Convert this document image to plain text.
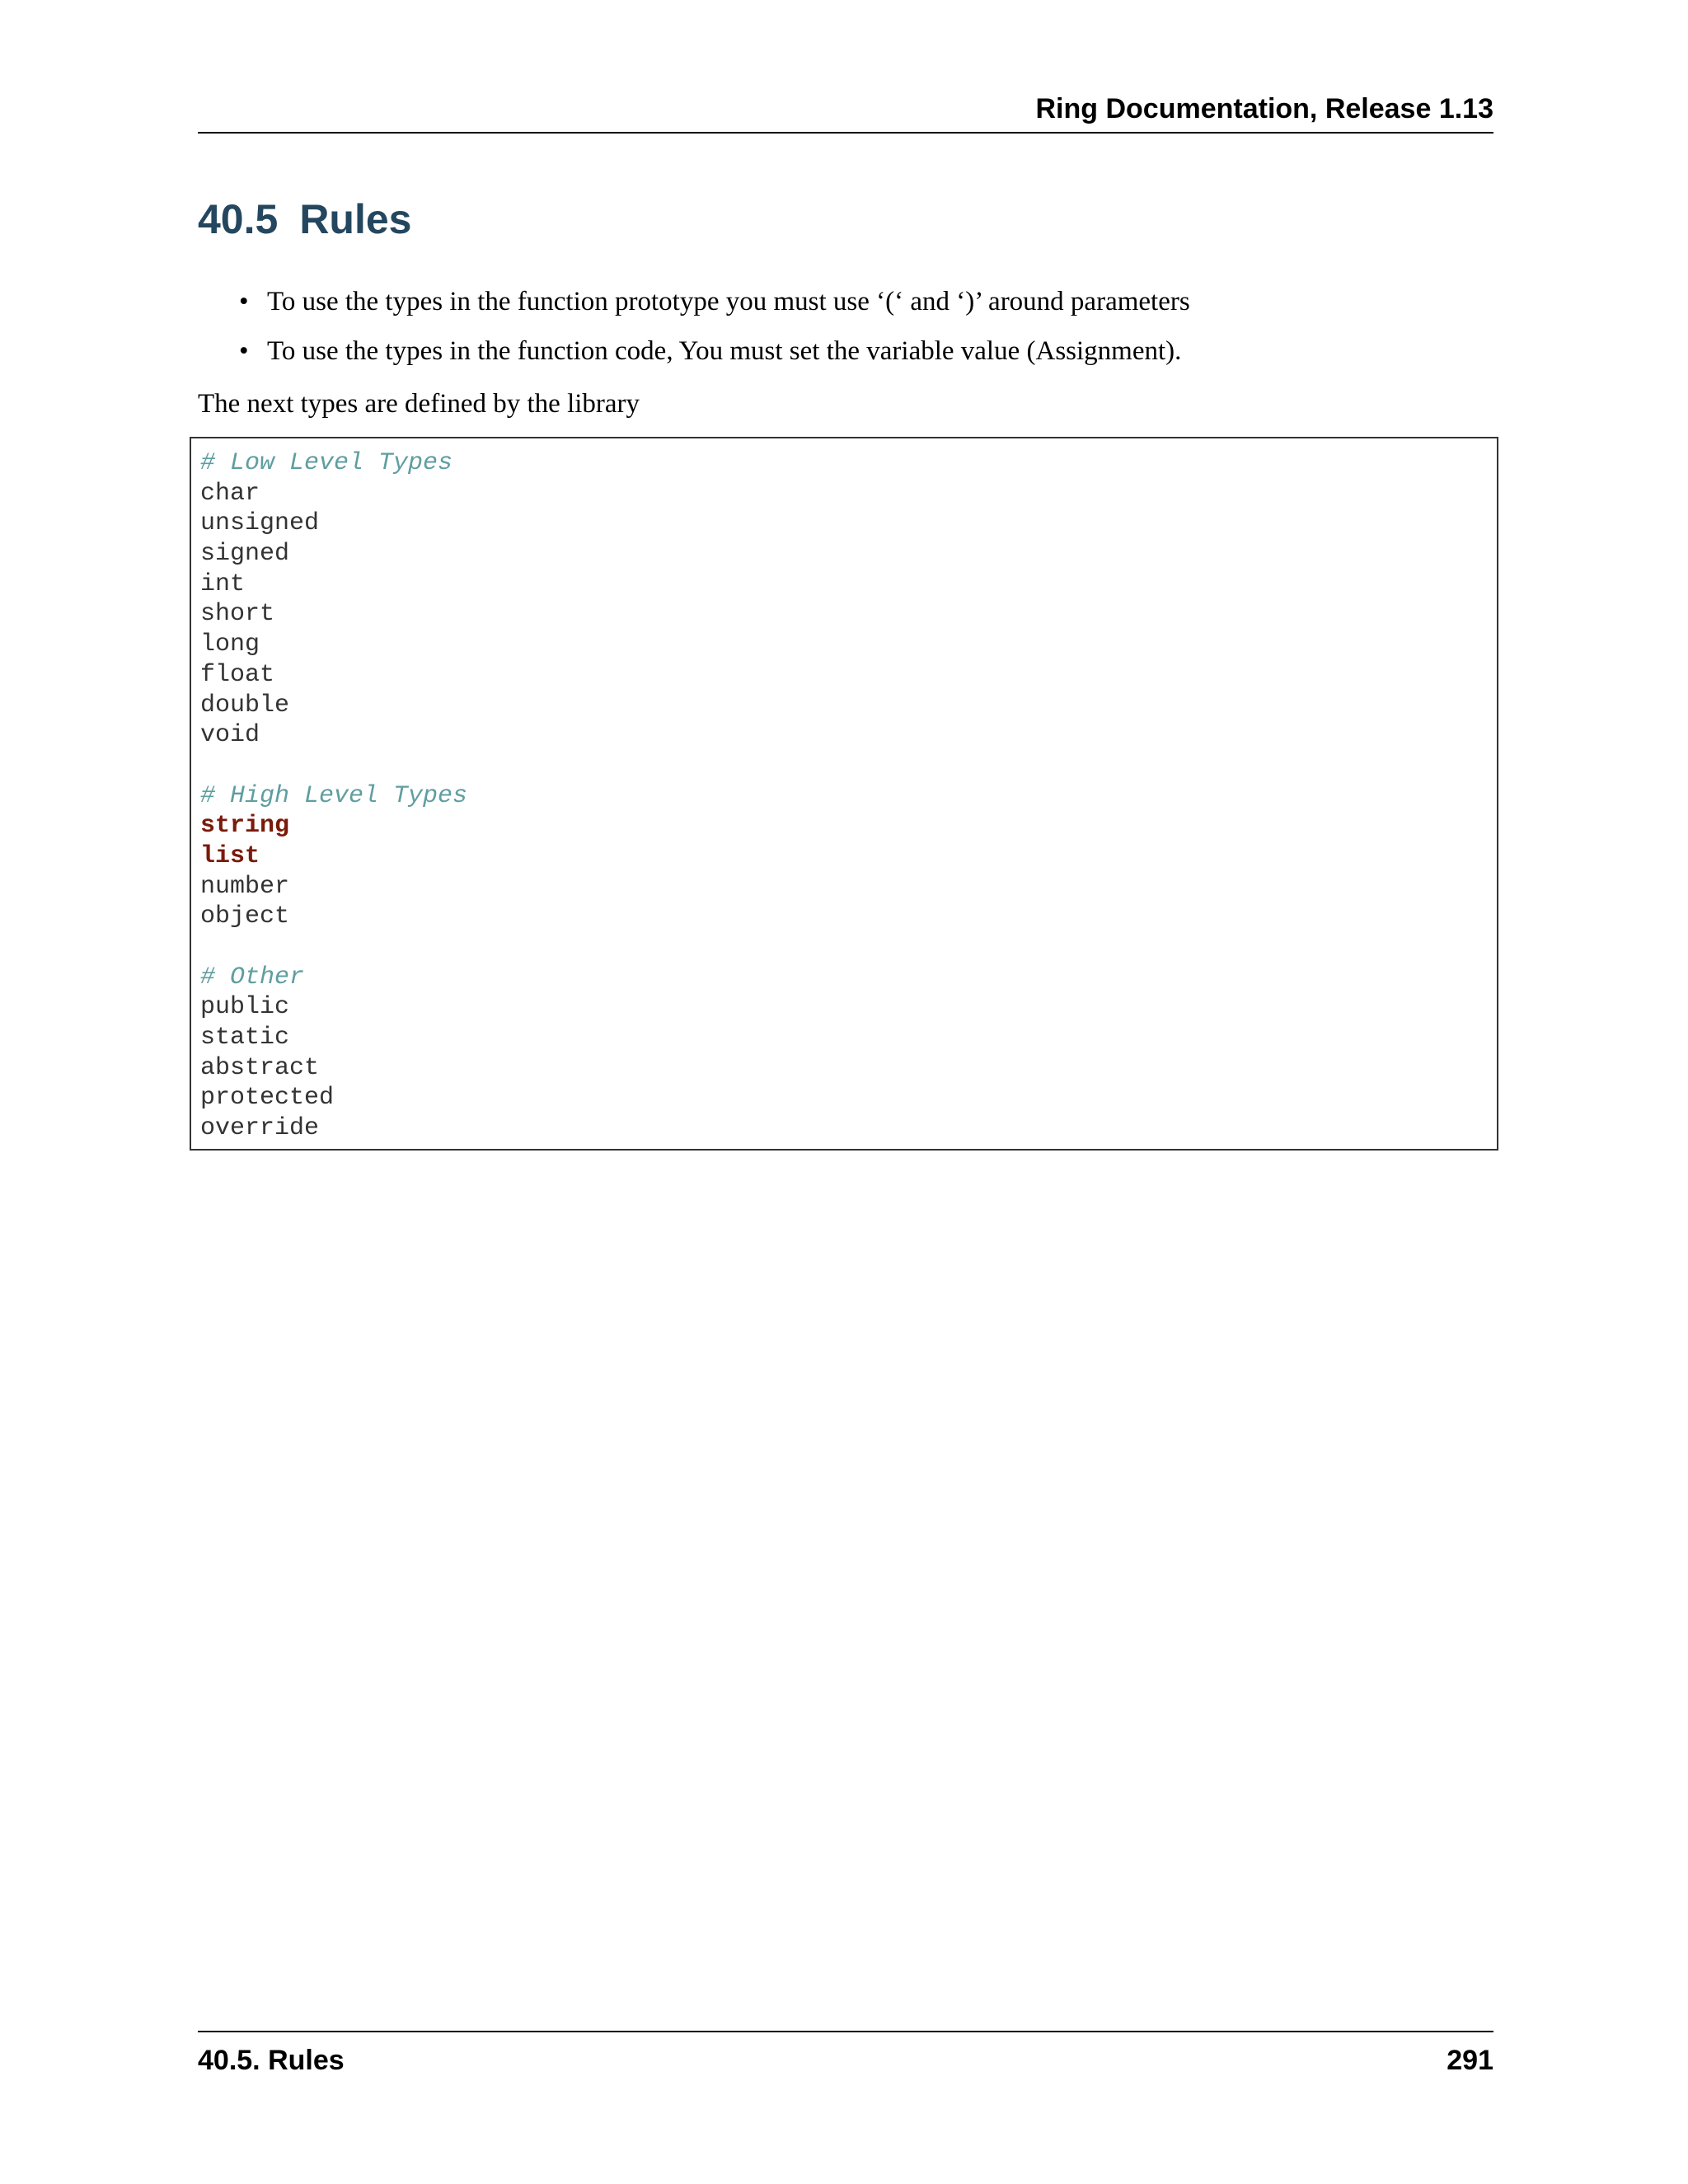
Ring Documentation, Release 1.13
40.5 Rules
• To use the types in the function prototype you must use ‘(‘ and ‘)’ around parameters
• To use the types in the function code, You must set the variable value (Assignment).
The next types are defined by the library
# Low Level Types
char
unsigned
signed
int
short
long
float
double
void

# High Level Types
string
list
number
object

# Other
public
static
abstract
protected
override
40.5. Rules	291
